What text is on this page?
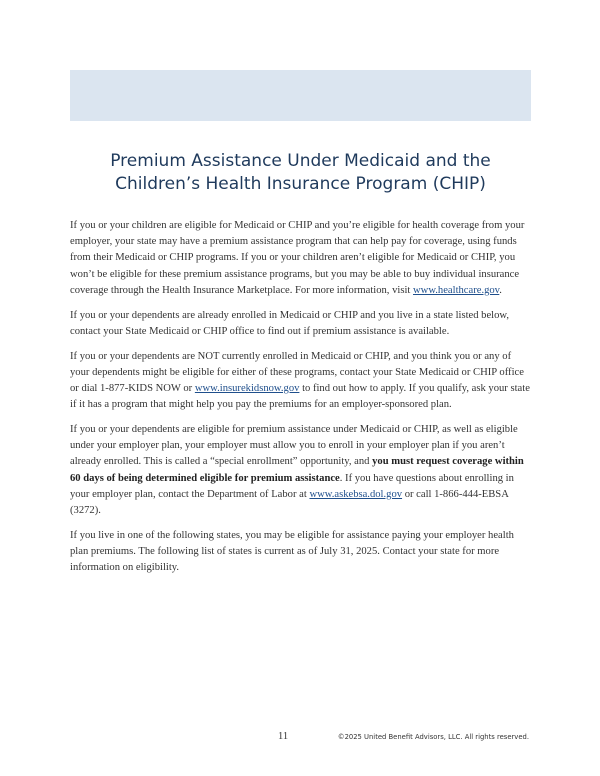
Premium Assistance Under Medicaid and the
Children’s Health Insurance Program (CHIP)

If you or your children are eligible for Medicaid or CHIP and you’re eligible for health coverage from your employer, your state may have a premium assistance program that can help pay for coverage, using funds from their Medicaid or CHIP programs. If you or your children aren’t eligible for Medicaid or CHIP, you won’t be eligible for these premium assistance programs, but you may be able to buy individual insurance coverage through the Health Insurance Marketplace. For more information, visit www.healthcare.gov.

If you or your dependents are already enrolled in Medicaid or CHIP and you live in a state listed below, contact your State Medicaid or CHIP office to find out if premium assistance is available.

If you or your dependents are NOT currently enrolled in Medicaid or CHIP, and you think you or any of your dependents might be eligible for either of these programs, contact your State Medicaid or CHIP office or dial 1-877-KIDS NOW or www.insurekidsnow.gov to find out how to apply. If you qualify, ask your state if it has a program that might help you pay the premiums for an employer-sponsored plan.

If you or your dependents are eligible for premium assistance under Medicaid or CHIP, as well as eligible under your employer plan, your employer must allow you to enroll in your employer plan if you aren’t already enrolled. This is called a “special enrollment” opportunity, and you must request coverage within 60 days of being determined eligible for premium assistance. If you have questions about enrolling in your employer plan, contact the Department of Labor at www.askebsa.dol.gov or call 1-866-444-EBSA (3272).

If you live in one of the following states, you may be eligible for assistance paying your employer health plan premiums. The following list of states is current as of July 31, 2025. Contact your state for more information on eligibility.

11	©2025 United Benefit Advisors, LLC. All rights reserved.
